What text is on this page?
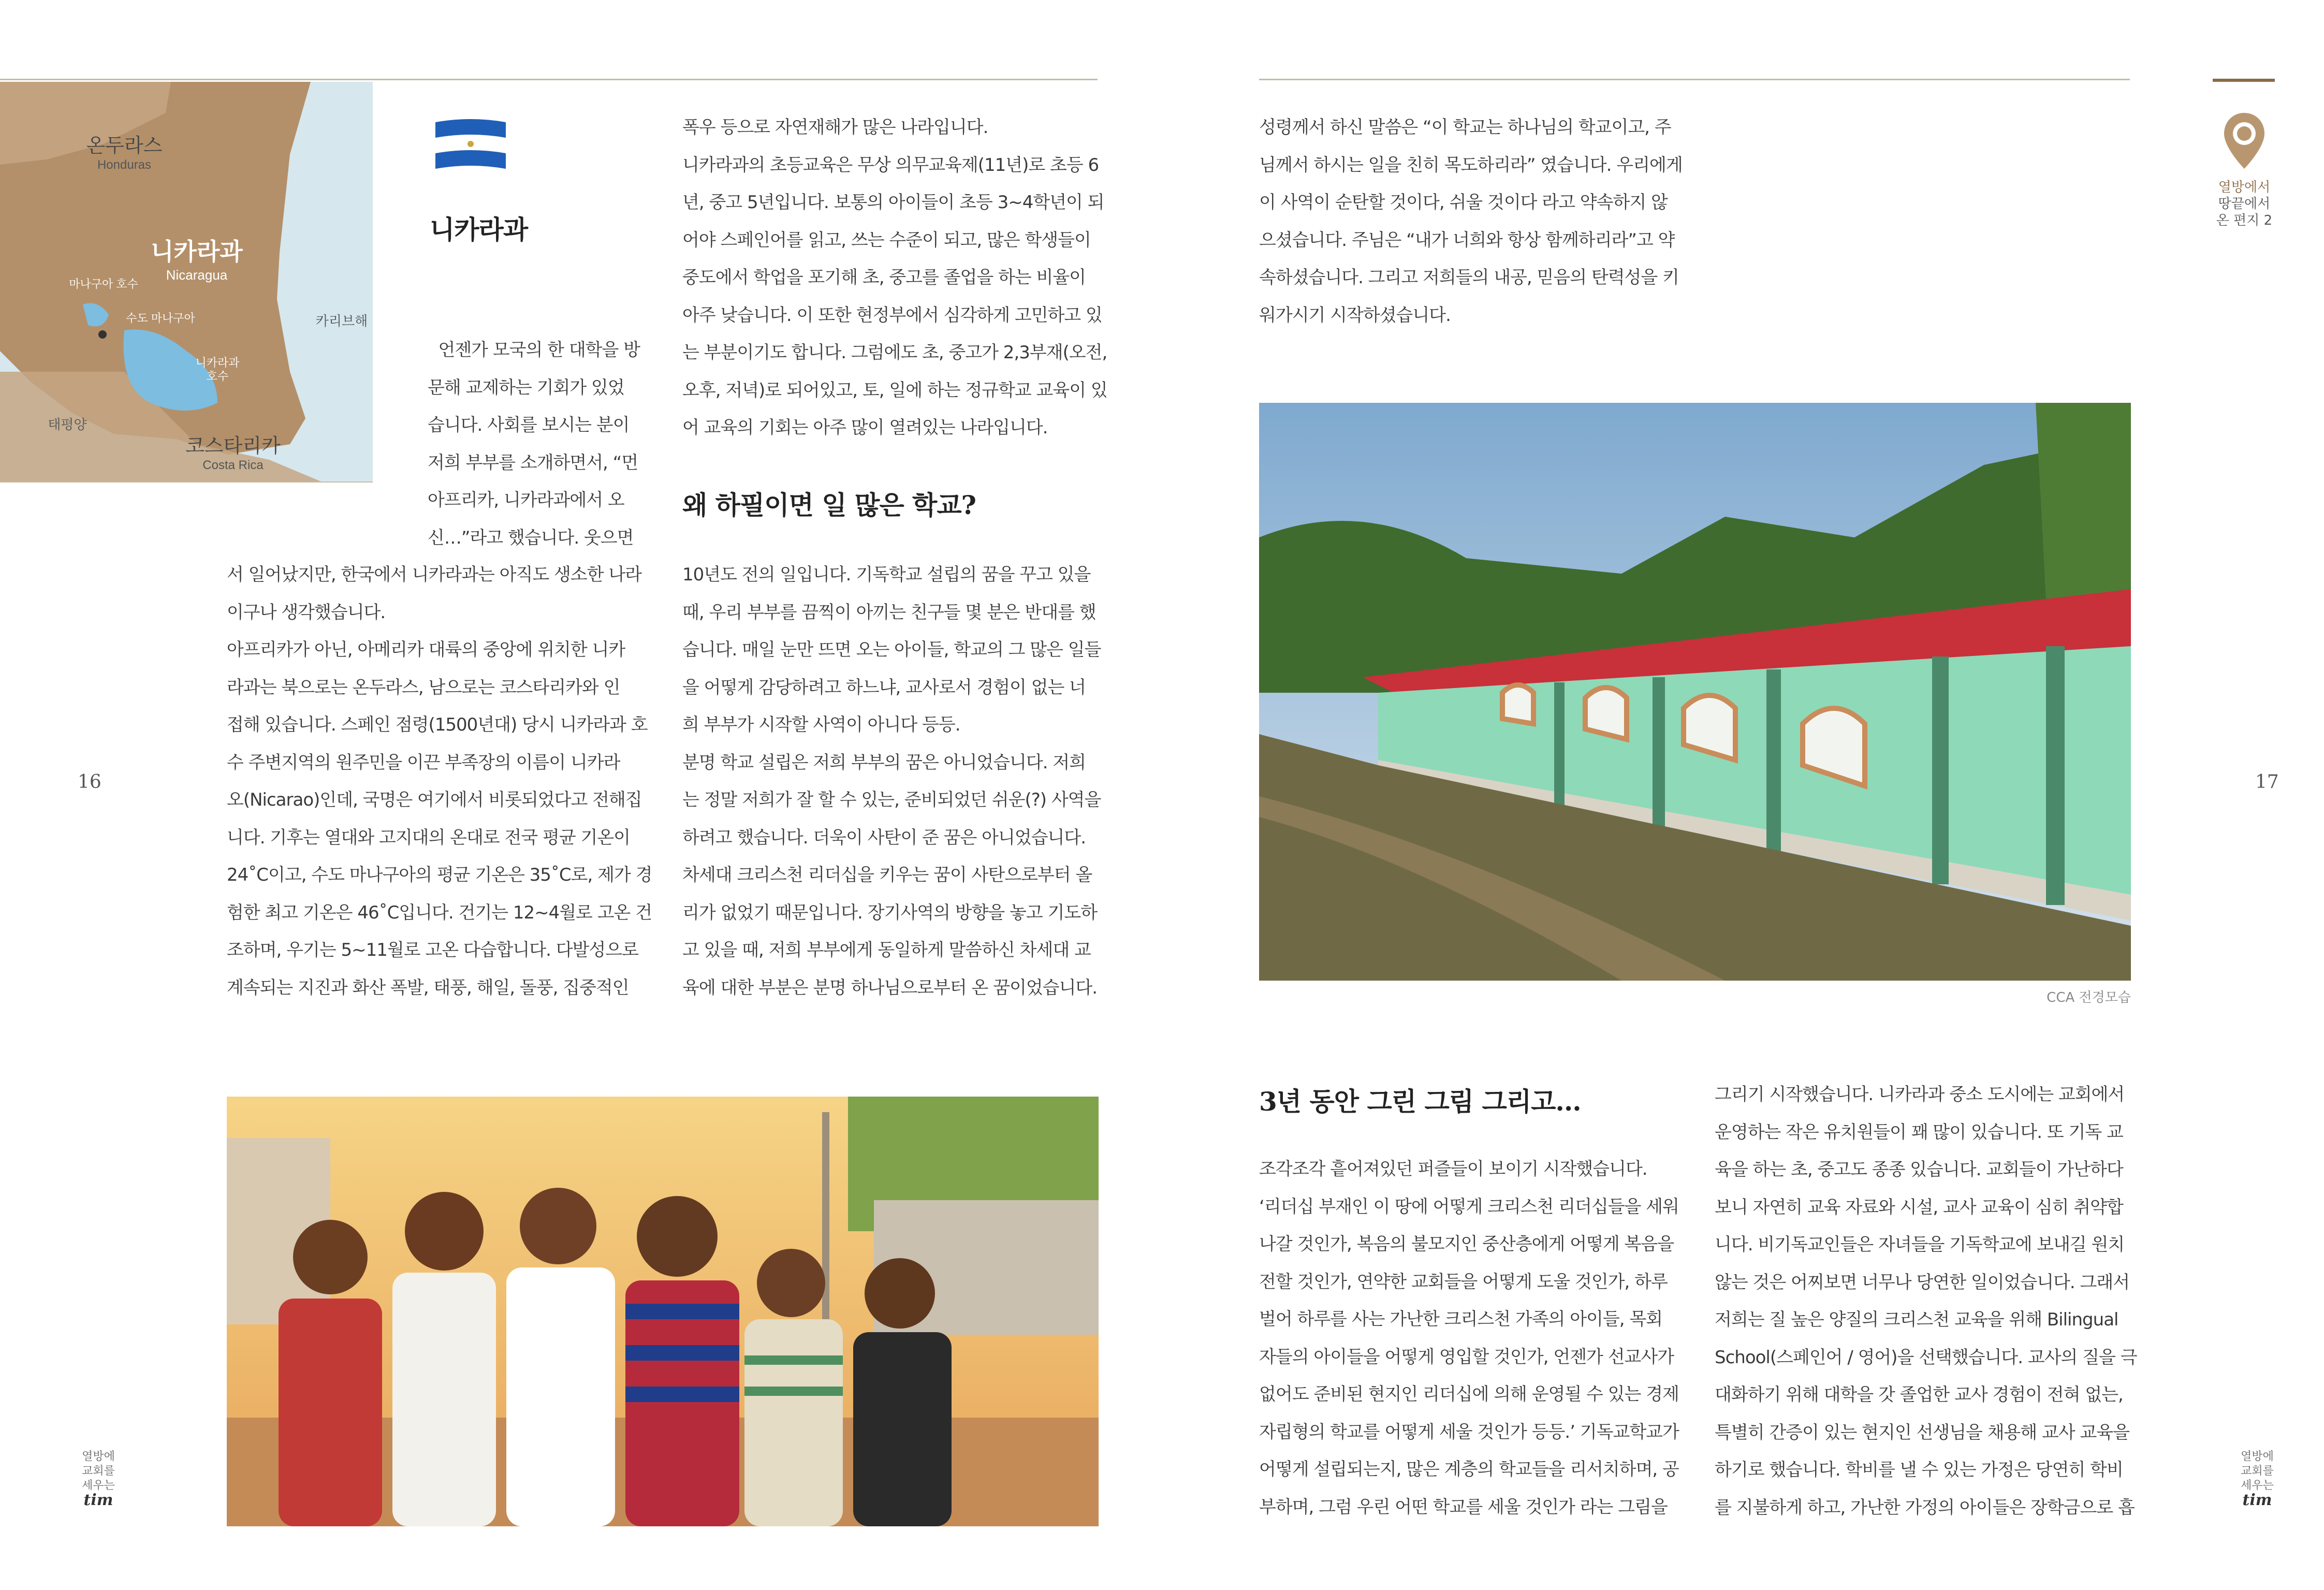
온두라스
Honduras
니카라과
Nicaragua
마나구아 호수
수도 마나구아
니카라과
호수
카리브해
태평양
코스타리카
Costa Rica
니카라과

언젠가 모국의 한 대학을 방

문해 교제하는 기회가 있었

습니다. 사회를 보시는 분이

저희 부부를 소개하면서, “먼

아프리카, 니카라과에서 오

신…”라고 했습니다. 웃으면

서 일어났지만, 한국에서 니카라과는 아직도 생소한 나라

이구나 생각했습니다.

아프리카가 아닌, 아메리카 대륙의 중앙에 위치한 니카

라과는 북으로는 온두라스, 남으로는 코스타리카와 인

접해 있습니다. 스페인 점령(1500년대) 당시 니카라과 호

수 주변지역의 원주민을 이끈 부족장의 이름이 니카라

오(Nicarao)인데, 국명은 여기에서 비롯되었다고 전해집

니다. 기후는 열대와 고지대의 온대로 전국 평균 기온이

24˚C이고, 수도 마나구아의 평균 기온은 35˚C로, 제가 경

험한 최고 기온은 46˚C입니다. 건기는 12~4월로 고온 건

조하며, 우기는 5~11월로 고온 다습합니다. 다발성으로

계속되는 지진과 화산 폭발, 태풍, 해일, 돌풍, 집중적인

폭우 등으로 자연재해가 많은 나라입니다.

니카라과의 초등교육은 무상 의무교육제(11년)로 초등 6

년, 중고 5년입니다. 보통의 아이들이 초등 3~4학년이 되

어야 스페인어를 읽고, 쓰는 수준이 되고, 많은 학생들이

중도에서 학업을 포기해 초, 중고를 졸업을 하는 비율이

아주 낮습니다. 이 또한 현정부에서 심각하게 고민하고 있

는 부분이기도 합니다. 그럼에도 초, 중고가 2,3부재(오전,

오후, 저녁)로 되어있고, 토, 일에 하는 정규학교 교육이 있

어 교육의 기회는 아주 많이 열려있는 나라입니다.

왜 하필이면 일 많은 학교?

10년도 전의 일입니다. 기독학교 설립의 꿈을 꾸고 있을

때, 우리 부부를 끔찍이 아끼는 친구들 몇 분은 반대를 했

습니다. 매일 눈만 뜨면 오는 아이들, 학교의 그 많은 일들

을 어떻게 감당하려고 하느냐, 교사로서 경험이 없는 너

희 부부가 시작할 사역이 아니다 등등.

분명 학교 설립은 저희 부부의 꿈은 아니었습니다. 저희

는 정말 저희가 잘 할 수 있는, 준비되었던 쉬운(?) 사역을

하려고 했습니다. 더욱이 사탄이 준 꿈은 아니었습니다.

차세대 크리스천 리더십을 키우는 꿈이 사탄으로부터 올

리가 없었기 때문입니다. 장기사역의 방향을 놓고 기도하

고 있을 때, 저희 부부에게 동일하게 말씀하신 차세대 교

육에 대한 부분은 분명 하나님으로부터 온 꿈이었습니다.

16
열방에
교회를
세우는
tim
열방에서
땅끝에서
온 편지 2

성령께서 하신 말씀은 “이 학교는 하나님의 학교이고, 주

님께서 하시는 일을 친히 목도하리라” 였습니다. 우리에게

이 사역이 순탄할 것이다, 쉬울 것이다 라고 약속하지 않

으셨습니다. 주님은 “내가 너희와 항상 함께하리라”고 약

속하셨습니다. 그리고 저희들의 내공, 믿음의 탄력성을 키

워가시기 시작하셨습니다.

CCA 전경모습
17
3년 동안 그린 그림 그리고...

조각조각 흩어져있던 퍼즐들이 보이기 시작했습니다.

‘리더십 부재인 이 땅에 어떻게 크리스천 리더십들을 세워

나갈 것인가, 복음의 불모지인 중산층에게 어떻게 복음을

전할 것인가, 연약한 교회들을 어떻게 도울 것인가, 하루

벌어 하루를 사는 가난한 크리스천 가족의 아이들, 목회

자들의 아이들을 어떻게 영입할 것인가, 언젠가 선교사가

없어도 준비된 현지인 리더십에 의해 운영될 수 있는 경제

자립형의 학교를 어떻게 세울 것인가 등등.’ 기독교학교가

어떻게 설립되는지, 많은 계층의 학교들을 리서치하며, 공

부하며, 그럼 우린 어떤 학교를 세울 것인가 라는 그림을

그리기 시작했습니다. 니카라과 중소 도시에는 교회에서

운영하는 작은 유치원들이 꽤 많이 있습니다. 또 기독 교

육을 하는 초, 중고도 종종 있습니다. 교회들이 가난하다

보니 자연히 교육 자료와 시설, 교사 교육이 심히 취약합

니다. 비기독교인들은 자녀들을 기독학교에 보내길 원치

않는 것은 어찌보면 너무나 당연한 일이었습니다. 그래서

저희는 질 높은 양질의 크리스천 교육을 위해 Bilingual

School(스페인어 / 영어)을 선택했습니다. 교사의 질을 극

대화하기 위해 대학을 갓 졸업한 교사 경험이 전혀 없는,

특별히 간증이 있는 현지인 선생님을 채용해 교사 교육을

하기로 했습니다. 학비를 낼 수 있는 가정은 당연히 학비

를 지불하게 하고, 가난한 가정의 아이들은 장학금으로 흡

열방에
교회를
세우는
tim
